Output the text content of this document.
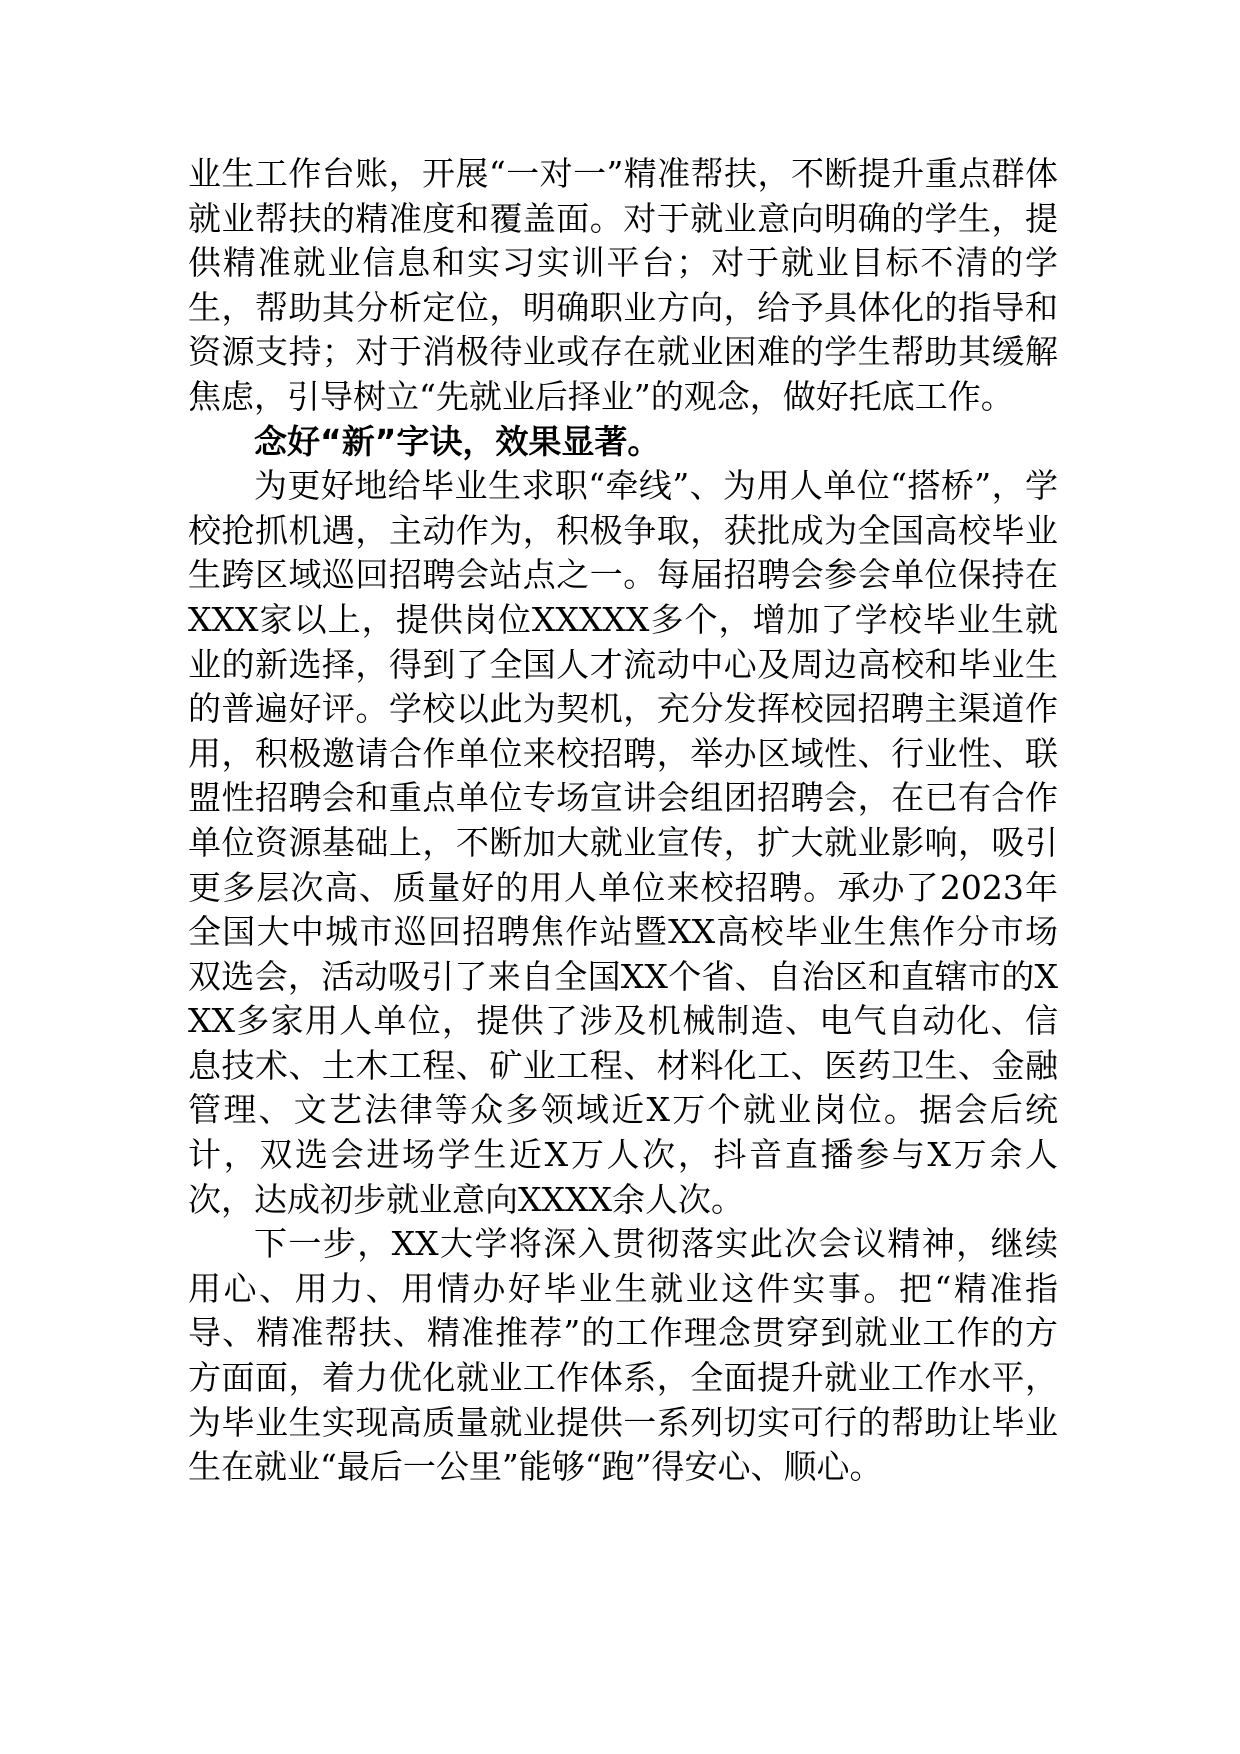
业生工作台账，开展“一对一”精准帮扶，不断提升重点群体就业帮扶的精准度和覆盖面。对于就业意向明确的学生，提供精准就业信息和实习实训平台；对于就业目标不清的学生，帮助其分析定位，明确职业方向，给予具体化的指导和资源支持；对于消极待业或存在就业困难的学生帮助其缓解焦虑，引导树立“先就业后择业”的观念，做好托底工作。

念好“新”字诀，效果显著。

为更好地给毕业生求职“牵线”、为用人单位“搭桥”，学校抢抓机遇，主动作为，积极争取，获批成为全国高校毕业生跨区域巡回招聘会站点之一。每届招聘会参会单位保持在XXX家以上，提供岗位XXXXX多个，增加了学校毕业生就业的新选择，得到了全国人才流动中心及周边高校和毕业生的普遍好评。学校以此为契机，充分发挥校园招聘主渠道作用，积极邀请合作单位来校招聘，举办区域性、行业性、联盟性招聘会和重点单位专场宣讲会组团招聘会，在已有合作单位资源基础上，不断加大就业宣传，扩大就业影响，吸引更多层次高、质量好的用人单位来校招聘。承办了2023年全国大中城市巡回招聘焦作站暨XX高校毕业生焦作分市场双选会，活动吸引了来自全国XX个省、自治区和直辖市的XXX多家用人单位，提供了涉及机械制造、电气自动化、信息技术、土木工程、矿业工程、材料化工、医药卫生、金融管理、文艺法律等众多领域近X万个就业岗位。据会后统计，双选会进场学生近X万人次，抖音直播参与X万余人次，达成初步就业意向XXXX余人次。

下一步，XX大学将深入贯彻落实此次会议精神，继续用心、用力、用情办好毕业生就业这件实事。把“精准指导、精准帮扶、精准推荐”的工作理念贯穿到就业工作的方方面面，着力优化就业工作体系，全面提升就业工作水平，为毕业生实现高质量就业提供一系列切实可行的帮助让毕业生在就业“最后一公里”能够“跑”得安心、顺心。
